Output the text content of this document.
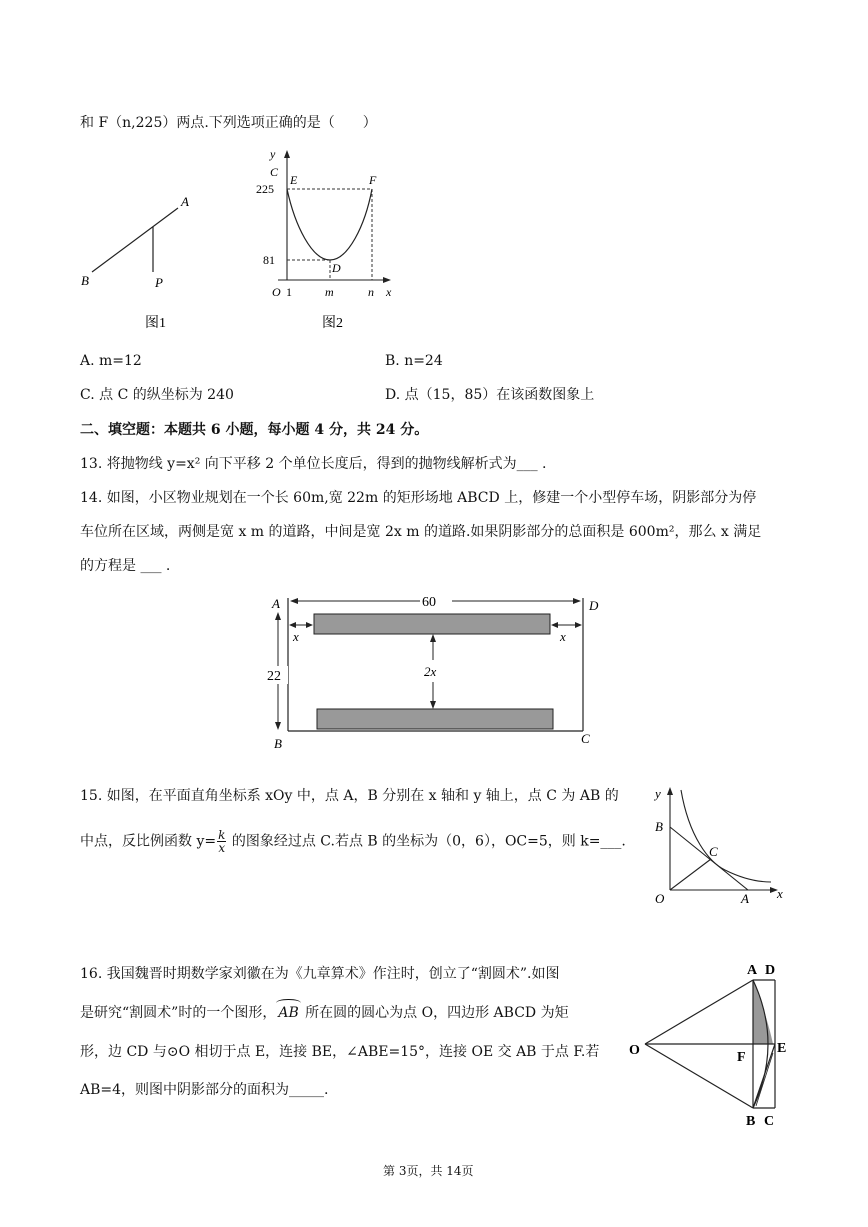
和 F（n,225）两点.下列选项正确的是（　　）
A
B	P
图1
y
C
E	F
225
81
D
O 1	m	n x
图2
A. m=12	B. n=24
C. 点 C 的纵坐标为 240	D. 点（15，85）在该函数图象上
二、填空题：本题共 6 小题，每小题 4 分，共 24 分。
13. 将抛物线 y=x² 向下平移 2 个单位长度后，得到的抛物线解析式为___ .
14. 如图，小区物业规划在一个长 60m,宽 22m 的矩形场地 ABCD 上，修建一个小型停车场，阴影部分为停
车位所在区域，两侧是宽 x m 的道路，中间是宽 2x m 的道路.如果阴影部分的总面积是 600m²，那么 x 满足
的方程是 ___ .
60
x	x
2x
22
A	D
B	C
15. 如图，在平面直角坐标系 xOy 中，点 A，B 分别在 x 轴和 y 轴上，点 C 为 AB 的
中点，反比例函数 $y= \frac{k}{x}$ 的图象经过点 C.若点 B 的坐标为（0，6），OC=5，则 k=___.
y
B
C
O	A x
16. 我国魏晋时期数学家刘徽在为《九章算术》作注时，创立了“割圆术”.如图
是研究“割圆术”时的一个图形， AB 所在圆的圆心为点 O，四边形 ABCD 为矩
形，边 CD 与⊙O 相切于点 E，连接 BE，∠ABE=15°，连接 OE 交 AB 于点 F.若
AB=4，则图中阴影部分的面积为_____.
A D
O	F
E
B C
第 3页，共 14页
